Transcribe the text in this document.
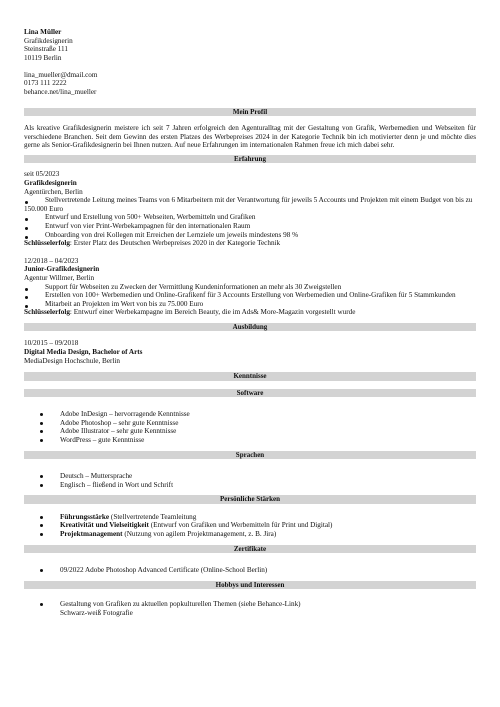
Lina Müller
Grafikdesignerin
Steinstraße 111
10119 Berlin
lina_mueller@dmail.com
0173 111 2222
behance.net/lina_mueller
Mein Profil

Als kreative Grafikdesignerin meistere ich seit 7 Jahren erfolgreich den Agenturalltag mit der Gestaltung von Grafik, Werbemedien und Webseiten für verschiedene Branchen. Seit dem Gewinn des ersten Platzes des Werbepreises 2024 in der Kategorie Technik bin ich motivierter denn je und möchte dies gerne als Senior-Grafikdesignerin bei Ihnen nutzen. Auf neue Erfahrungen im internationalen Rahmen freue ich mich dabei sehr.

Erfahrung
seit 05/2023
Grafikdesignerin
Agentürchen, Berlin
Stellvertretende Leitung meines Teams von 6 Mitarbeitern mit der Verantwortung für jeweils 5 Accounts und Projekten mit einem Budget von bis zu 150.000 Euro
Entwurf und Erstellung von 500+ Webseiten, Werbemitteln und Grafiken
Entwurf von vier Print-Werbekampagnen für den internationalen Raum
Onboarding von drei Kollegen mit Erreichen der Lernziele um jeweils mindestens 98 %
Schlüsselerfolg: Erster Platz des Deutschen Werbepreises 2020 in der Kategorie Technik
12/2018 – 04/2023
Junior-Grafikdesignerin
Agentur Willmer, Berlin
Support für Webseiten zu Zwecken der Vermittlung Kundeninformationen an mehr als 30 Zweigstellen
Erstellen von 100+ Werbemedien und Online-Grafikenf für 3 Accounts Erstellung von Werbemedien und Online-Grafiken für 5 Stammkunden
Mitarbeit an Projekten im Wert von bis zu 75.000 Euro
Schlüsselerfolg: Entwurf einer Werbekampagne im Bereich Beauty, die im Ads& More-Magazin vorgestellt wurde
Ausbildung
10/2015 – 09/2018
Digital Media Design, Bachelor of Arts
MediaDesign Hochschule, Berlin
Kenntnisse
Software
Adobe InDesign – hervorragende Kenntnisse
Adobe Photoshop – sehr gute Kenntnisse
Adobe Illustrator – sehr gute Kenntnisse
WordPress – gute Kenntnisse
Sprachen
Deutsch – Muttersprache
Englisch – fließend in Wort und Schrift
Persönliche Stärken
Führungsstärke (Stellvertretende Teamleitung
Kreativität und Vielseitigkeit (Entwurf von Grafiken und Werbemitteln für Print und Digital)
Projektmanagement (Nutzung von agilem Projektmanagement, z. B. Jira)
Zertifikate
09/2022 Adobe Photoshop Advanced Certificate (Online-School Berlin)
Hobbys und Interessen
Gestaltung von Grafiken zu aktuellen popkulturellen Themen (siehe Behance-Link)
Schwarz-weiß Fotografie
